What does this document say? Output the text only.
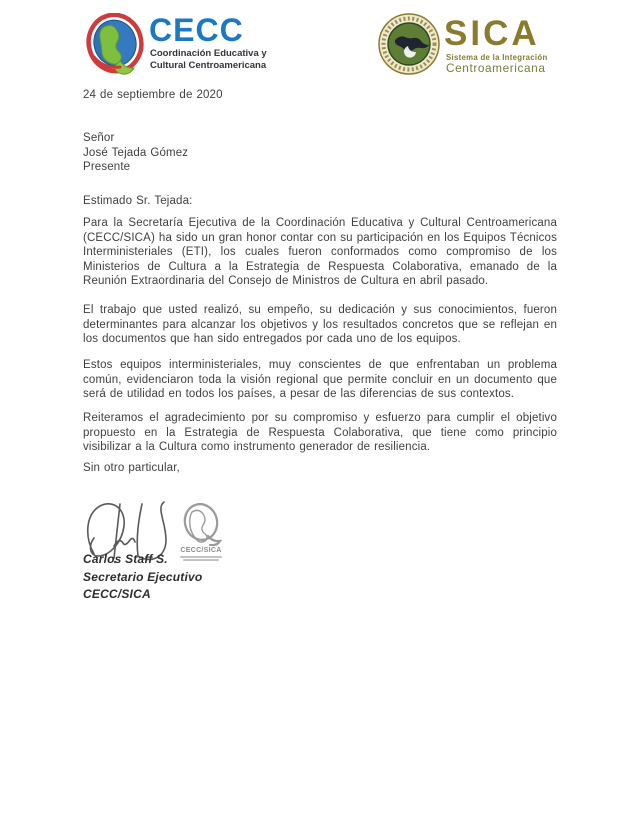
CECC
Coordinación Educativa y
Cultural Centroamericana
SICA
Sistema de la Integración
Centroamericana

24 de septiembre de 2020

Señor
José Tejada Gómez
Presente

Estimado Sr. Tejada:

Para la Secretaría Ejecutiva de la Coordinación Educativa y Cultural Centroamericana (CECC/SICA) ha sido un gran honor contar con su participación en los Equipos Técnicos Interministeriales (ETI), los cuales fueron conformados como compromiso de los Ministerios de Cultura a la Estrategia de Respuesta Colaborativa, emanado de la Reunión Extraordinaria del Consejo de Ministros de Cultura en abril pasado.

El trabajo que usted realizó, su empeño, su dedicación y sus conocimientos, fueron determinantes para alcanzar los objetivos y los resultados concretos que se reflejan en los documentos que han sido entregados por cada uno de los equipos.

Estos equipos interministeriales, muy conscientes de que enfrentaban un problema común, evidenciaron toda la visión regional que permite concluir en un documento que será de utilidad en todos los países, a pesar de las diferencias de sus contextos.

Reiteramos el agradecimiento por su compromiso y esfuerzo para cumplir el objetivo propuesto en la Estrategia de Respuesta Colaborativa, que tiene como principio visibilizar a la Cultura como instrumento generador de resiliencia.

Sin otro particular,

CECC/SICA
Carlos Staff S.
Secretario Ejecutivo
CECC/SICA
